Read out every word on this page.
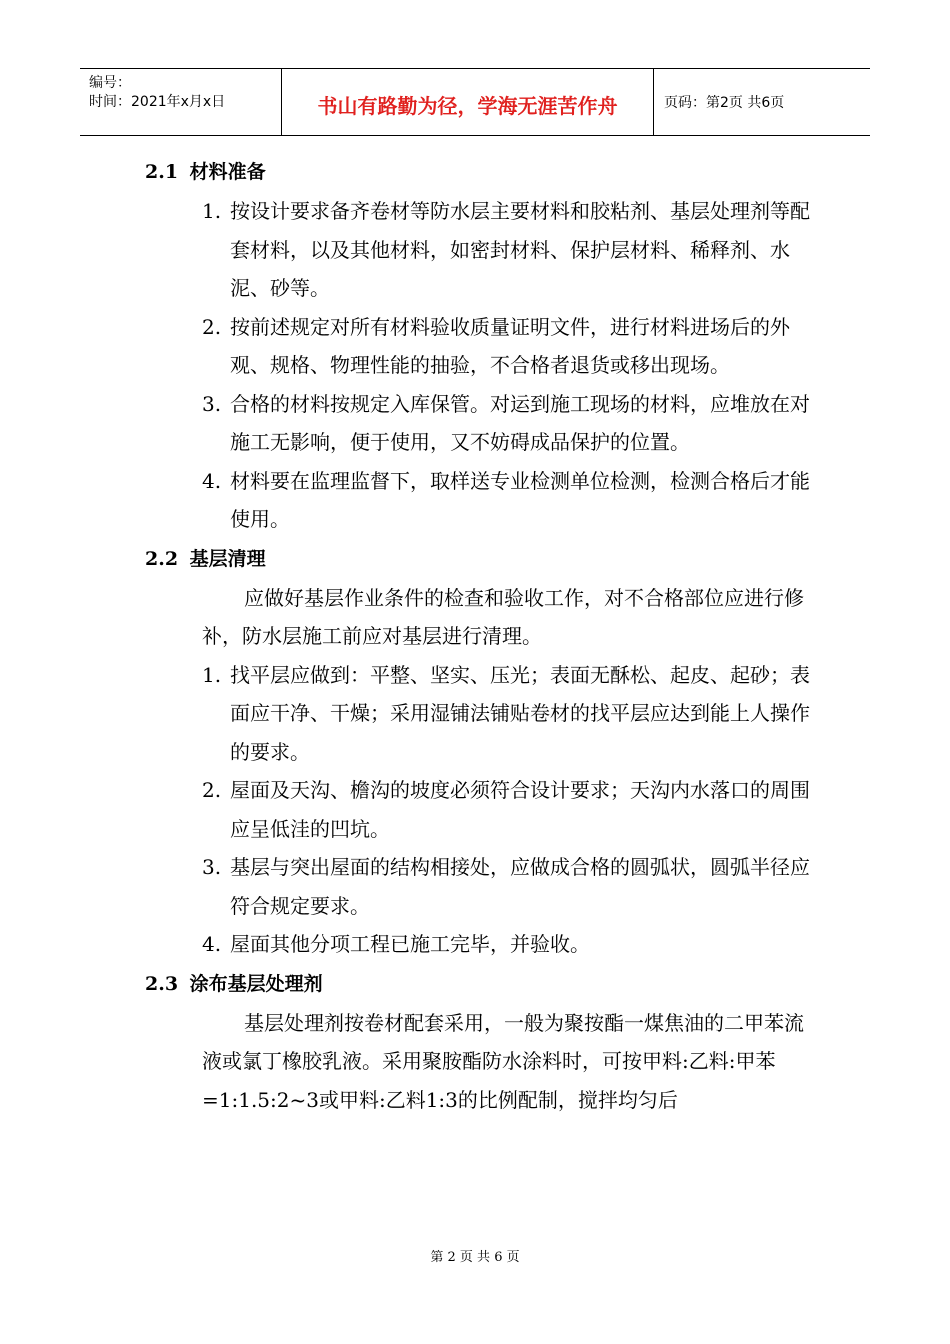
编号：
时间：2021年x月x日	书山有路勤为径，学海无涯苦作舟	页码：第2页 共6页
2.1 材料准备
1. 按设计要求备齐卷材等防水层主要材料和胶粘剂、基层处理剂等配套材料，以及其他材料，如密封材料、保护层材料、稀释剂、水泥、砂等。
2. 按前述规定对所有材料验收质量证明文件，进行材料进场后的外观、规格、物理性能的抽验，不合格者退货或移出现场。
3. 合格的材料按规定入库保管。对运到施工现场的材料，应堆放在对施工无影响，便于使用，又不妨碍成品保护的位置。
4. 材料要在监理监督下，取样送专业检测单位检测，检测合格后才能使用。
2.2 基层清理
应做好基层作业条件的检查和验收工作，对不合格部位应进行修补，防水层施工前应对基层进行清理。
1. 找平层应做到：平整、坚实、压光；表面无酥松、起皮、起砂；表面应干净、干燥；采用湿铺法铺贴卷材的找平层应达到能上人操作的要求。
2. 屋面及天沟、檐沟的坡度必须符合设计要求；天沟内水落口的周围应呈低洼的凹坑。
3. 基层与突出屋面的结构相接处，应做成合格的圆弧状，圆弧半径应符合规定要求。
4. 屋面其他分项工程已施工完毕，并验收。
2.3 涂布基层处理剂
基层处理剂按卷材配套采用，一般为聚按酯一煤焦油的二甲苯流液或氯丁橡胶乳液。采用聚胺酯防水涂料时，可按甲料:乙料:甲苯=1:1.5:2~3或甲料:乙料1:3的比例配制，搅拌均匀后
第 2 页 共 6 页
